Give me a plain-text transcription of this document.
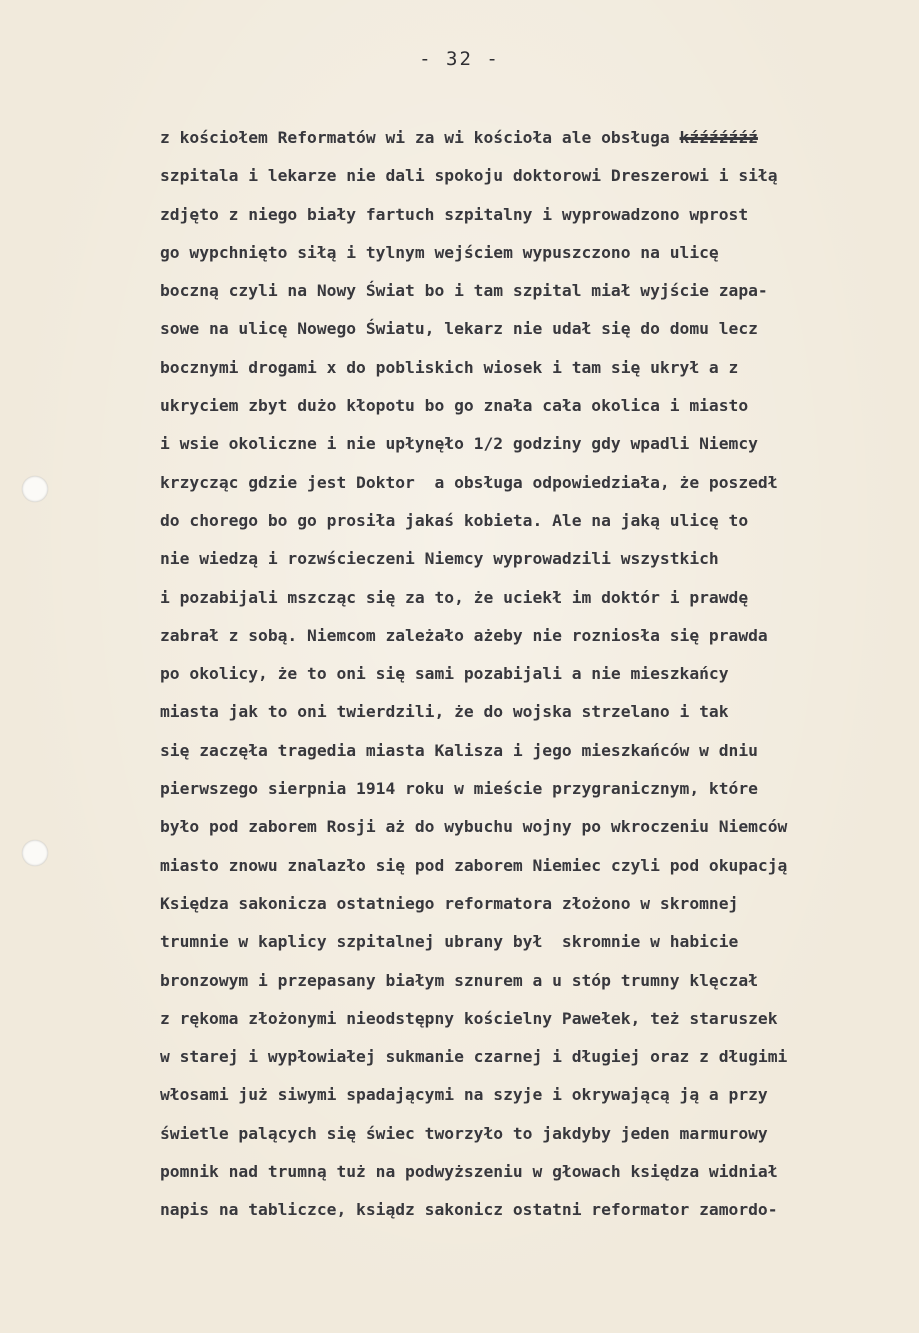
- 32 -
z kościołem Reformatów wi za wi kościoła ale obsługa kźźźźźźź
szpitala i lekarze nie dali spokoju doktorowi Dreszerowi i siłą
zdjęto z niego biały fartuch szpitalny i wyprowadzono wprost
go wypchnięto siłą i tylnym wejściem wypuszczono na ulicę
boczną czyli na Nowy Świat bo i tam szpital miał wyjście zapa-
sowe na ulicę Nowego Światu, lekarz nie udał się do domu lecz
bocznymi drogami x do pobliskich wiosek i tam się ukrył a z
ukryciem zbyt dużo kłopotu bo go znała cała okolica i miasto
i wsie okoliczne i nie upłynęło 1/2 godziny gdy wpadli Niemcy
krzycząc gdzie jest Doktor  a obsługa odpowiedziała, że poszedł
do chorego bo go prosiła jakaś kobieta. Ale na jaką ulicę to
nie wiedzą i rozwścieczeni Niemcy wyprowadzili wszystkich
i pozabijali mszcząc się za to, że uciekł im doktór i prawdę
zabrał z sobą. Niemcom zależało ażeby nie rozniosła się prawda
po okolicy, że to oni się sami pozabijali a nie mieszkańcy
miasta jak to oni twierdzili, że do wojska strzelano i tak
się zaczęła tragedia miasta Kalisza i jego mieszkańców w dniu
pierwszego sierpnia 1914 roku w mieście przygranicznym, które
było pod zaborem Rosji aż do wybuchu wojny po wkroczeniu Niemców
miasto znowu znalazło się pod zaborem Niemiec czyli pod okupacją
Księdza sakonicza ostatniego reformatora złożono w skromnej
trumnie w kaplicy szpitalnej ubrany był  skromnie w habicie
bronzowym i przepasany białym sznurem a u stóp trumny klęczał
z rękoma złożonymi nieodstępny kościelny Pawełek, też staruszek
w starej i wypłowiałej sukmanie czarnej i długiej oraz z długimi
włosami już siwymi spadającymi na szyje i okrywającą ją a przy
świetle palących się świec tworzyło to jakdyby jeden marmurowy
pomnik nad trumną tuż na podwyższeniu w głowach księdza widniał
napis na tabliczce, ksiądz sakonicz ostatni reformator zamordo-
